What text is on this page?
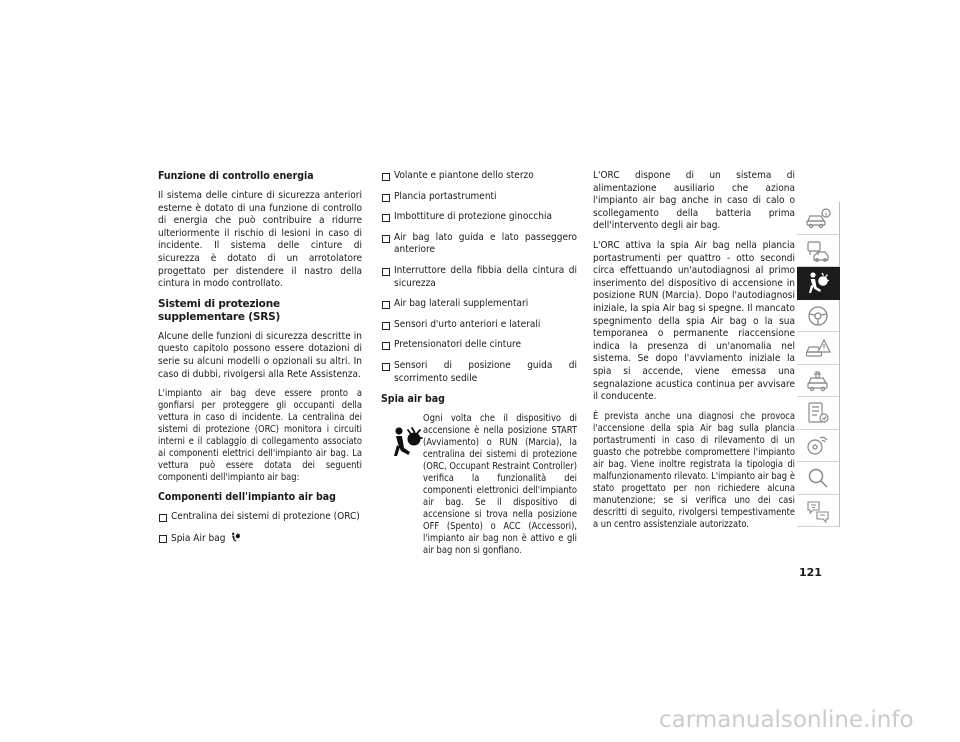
Funzione di controllo energia

Il sistema delle cinture di sicurezza anteriori esterne è dotato di una funzione di controllo di energia che può contribuire a ridurre ulteriormente il rischio di lesioni in caso di incidente. Il sistema delle cinture di sicurezza è dotato di un arrotolatore progettato per distendere il nastro della cintura in modo controllato.

Sistemi di protezione supplementare (SRS)

Alcune delle funzioni di sicurezza descritte in questo capitolo possono essere dotazioni di serie su alcuni modelli o opzionali su altri. In caso di dubbi, rivolgersi alla Rete Assistenza.

L'impianto air bag deve essere pronto a gonfiarsi per proteggere gli occupanti della vettura in caso di incidente. La centralina dei sistemi di protezione (ORC) monitora i circuiti interni e il cablaggio di collegamento associato ai componenti elettrici dell'impianto air bag. La vettura può essere dotata dei seguenti componenti dell'impianto air bag:

Componenti dell'impianto air bag
Centralina dei sistemi di protezione (ORC)
Spia Air bag
Volante e piantone dello sterzo
Plancia portastrumenti
Imbottiture di protezione ginocchia
Air bag lato guida e lato passeggero anteriore
Interruttore della fibbia della cintura di sicurezza
Air bag laterali supplementari
Sensori d'urto anteriori e laterali
Pretensionatori delle cinture
Sensori di posizione guida di scorrimento sedile
Spia air bag
Ogni volta che il dispositivo di accensione è nella posizione START (Avviamento) o RUN (Marcia), la centralina dei sistemi di protezione (ORC, Occupant Restraint Controller) verifica la funzionalità dei componenti elettronici dell'impianto air bag. Se il dispositivo di accensione si trova nella posizione OFF (Spento) o ACC (Accessori), l'impianto air bag non è attivo e gli air bag non si gonfiano.

L'ORC dispone di un sistema di alimentazione ausiliario che aziona l'impianto air bag anche in caso di calo o scollegamento della batteria prima dell'intervento degli air bag.

L'ORC attiva la spia Air bag nella plancia portastrumenti per quattro - otto secondi circa effettuando un'autodiagnosi al primo inserimento del dispositivo di accensione in posizione RUN (Marcia). Dopo l'autodiagnosi iniziale, la spia Air bag si spegne. Il mancato spegnimento della spia Air bag o la sua temporanea o permanente riaccensione indica la presenza di un'anomalia nel sistema. Se dopo l'avviamento iniziale la spia si accende, viene emessa una segnalazione acustica continua per avvisare il conducente.

È prevista anche una diagnosi che provoca l'accensione della spia Air bag sulla plancia portastrumenti in caso di rilevamento di un guasto che potrebbe compromettere l'impianto air bag. Viene inoltre registrata la tipologia di malfunzionamento rilevato. L'impianto air bag è stato progettato per non richiedere alcuna manutenzione; se si verifica uno dei casi descritti di seguito, rivolgersi tempestivamente a un centro assistenziale autorizzato.

121
carmanualsonline.info
